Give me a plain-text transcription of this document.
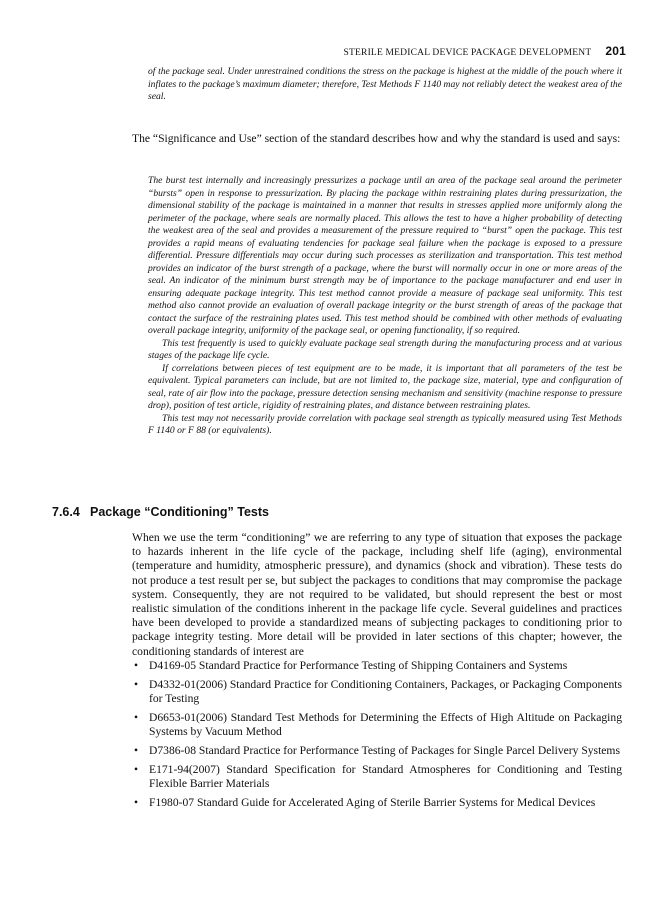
STERILE MEDICAL DEVICE PACKAGE DEVELOPMENT 201

of the package seal. Under unrestrained conditions the stress on the package is highest at the middle of the pouch where it inflates to the package’s maximum diameter; therefore, Test Methods F 1140 may not reliably detect the weakest area of the seal.

The “Significance and Use” section of the standard describes how and why the standard is used and says:

The burst test internally and increasingly pressurizes a package until an area of the package seal around the perimeter “bursts” open in response to pressurization. By placing the package within restraining plates during pressurization, the dimensional stability of the package is maintained in a manner that results in stresses applied more uniformly along the perimeter of the package, where seals are normally placed. This allows the test to have a higher probability of detecting the weakest area of the seal and provides a measurement of the pressure required to “burst” open the package. This test provides a rapid means of evaluating tendencies for package seal failure when the package is exposed to a pressure differential. Pressure differentials may occur during such processes as sterilization and transportation. This test method provides an indicator of the burst strength of a package, where the burst will normally occur in one or more areas of the seal. An indicator of the minimum burst strength may be of importance to the package manufacturer and end user in ensuring adequate package integrity. This test method cannot provide a measure of package seal uniformity. This test method also cannot provide an evaluation of overall package integrity or the burst strength of areas of the package that contact the surface of the restraining plates used. This test method should be combined with other methods of evaluating overall package integrity, uniformity of the package seal, or opening functionality, if so required.

This test frequently is used to quickly evaluate package seal strength during the manufacturing process and at various stages of the package life cycle.

If correlations between pieces of test equipment are to be made, it is important that all parameters of the test be equivalent. Typical parameters can include, but are not limited to, the package size, material, type and configuration of seal, rate of air flow into the package, pressure detection sensing mechanism and sensitivity (machine response to pressure drop), position of test article, rigidity of restraining plates, and distance between restraining plates.

This test may not necessarily provide correlation with package seal strength as typically measured using Test Methods F 1140 or F 88 (or equivalents).

7.6.4 Package “Conditioning” Tests

When we use the term “conditioning” we are referring to any type of situation that exposes the package to hazards inherent in the life cycle of the package, including shelf life (aging), environmental (temperature and humidity, atmospheric pressure), and dynamics (shock and vibration). These tests do not produce a test result per se, but subject the packages to conditions that may compromise the package system. Consequently, they are not required to be validated, but should represent the best or most realistic simulation of the conditions inherent in the package life cycle. Several guidelines and practices have been developed to provide a standardized means of subjecting packages to conditioning prior to package integrity testing. More detail will be provided in later sections of this chapter; however, the conditioning standards of interest are

• D4169-05 Standard Practice for Performance Testing of Shipping Containers and Systems
• D4332-01(2006) Standard Practice for Conditioning Containers, Packages, or Packaging Components for Testing
• D6653-01(2006) Standard Test Methods for Determining the Effects of High Altitude on Packaging Systems by Vacuum Method
• D7386-08 Standard Practice for Performance Testing of Packages for Single Parcel Delivery Systems
• E171-94(2007) Standard Specification for Standard Atmospheres for Conditioning and Testing Flexible Barrier Materials
• F1980-07 Standard Guide for Accelerated Aging of Sterile Barrier Systems for Medical Devices
